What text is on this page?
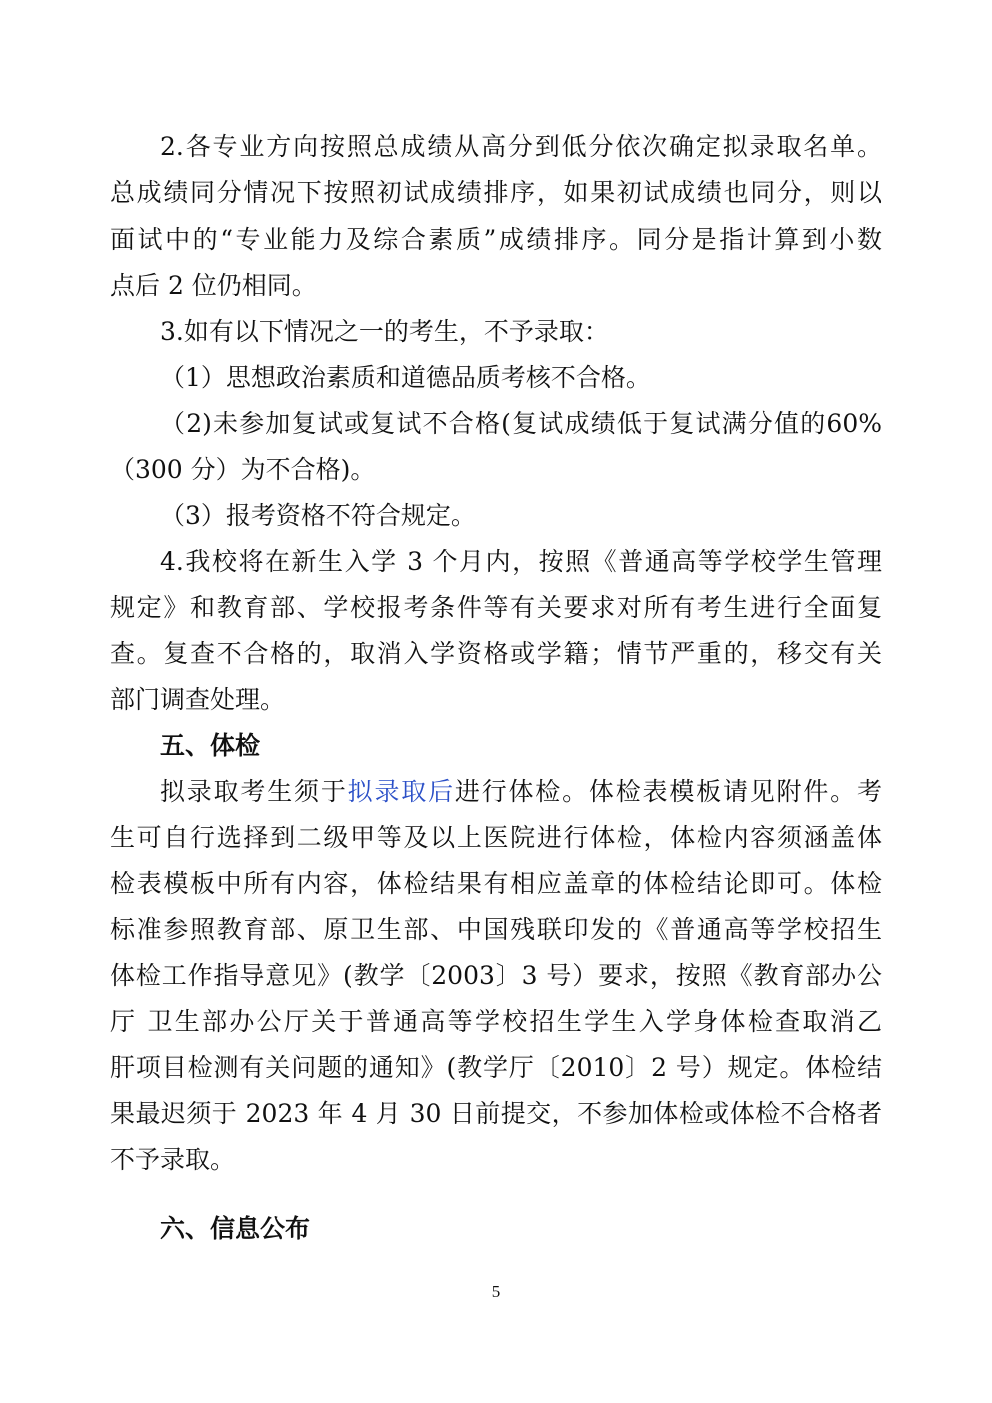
2.各专业方向按照总成绩从高分到低分依次确定拟录取名单。
总成绩同分情况下按照初试成绩排序，如果初试成绩也同分，则以
面试中的“专业能力及综合素质”成绩排序。同分是指计算到小数
点后 2 位仍相同。
3.如有以下情况之一的考生，不予录取：
（1）思想政治素质和道德品质考核不合格。
（2)未参加复试或复试不合格(复试成绩低于复试满分值的60%
（300 分）为不合格)。
（3）报考资格不符合规定。
4.我校将在新生入学 3 个月内，按照《普通高等学校学生管理
规定》和教育部、学校报考条件等有关要求对所有考生进行全面复
查。复查不合格的，取消入学资格或学籍；情节严重的，移交有关
部门调查处理。
五、体检
拟录取考生须于拟录取后进行体检。体检表模板请见附件。考
生可自行选择到二级甲等及以上医院进行体检，体检内容须涵盖体
检表模板中所有内容，体检结果有相应盖章的体检结论即可。体检
标准参照教育部、原卫生部、中国残联印发的《普通高等学校招生
体检工作指导意见》(教学〔2003〕3 号）要求，按照《教育部办公
厅 卫生部办公厅关于普通高等学校招生学生入学身体检查取消乙
肝项目检测有关问题的通知》(教学厅〔2010〕2 号）规定。体检结
果最迟须于 2023 年 4 月 30 日前提交，不参加体检或体检不合格者
不予录取。
六、信息公布
5
